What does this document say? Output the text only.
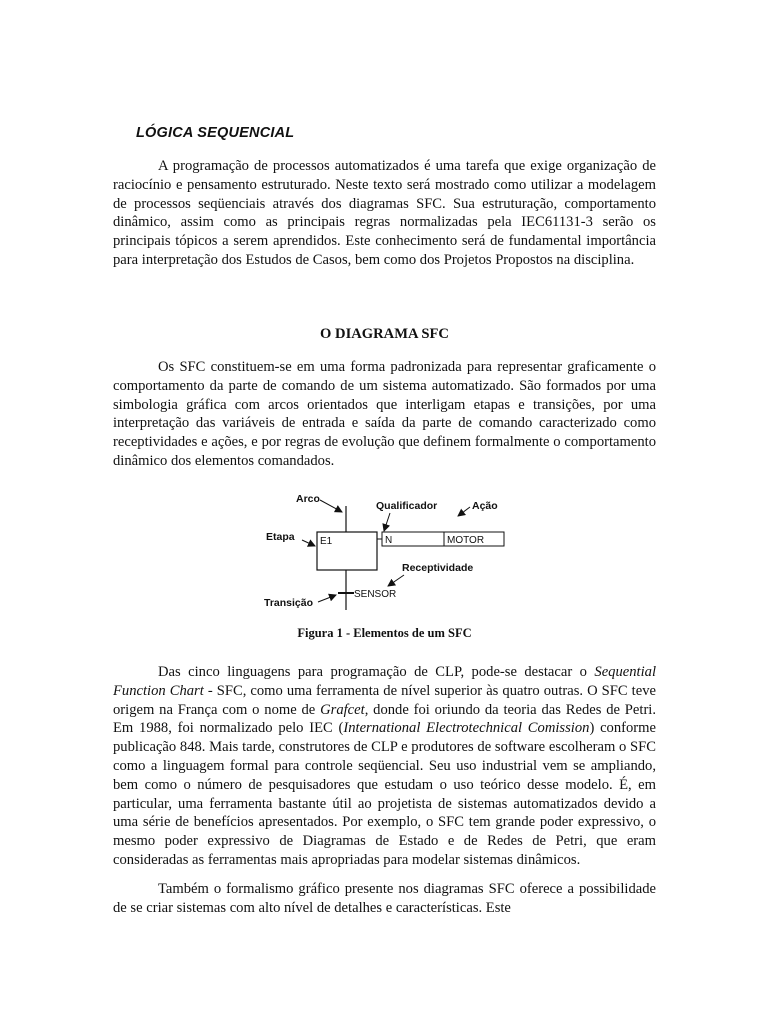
LÓGICA SEQUENCIAL

A programação de processos automatizados é uma tarefa que exige organização de raciocínio e pensamento estruturado. Neste texto será mostrado como utilizar a modelagem de processos seqüenciais através dos diagramas SFC. Sua estruturação, comportamento dinâmico, assim como as principais regras normalizadas pela IEC61131-3 serão os principais tópicos a serem aprendidos. Este conhecimento será de fundamental importância para interpretação dos Estudos de Casos, bem como dos Projetos Propostos na disciplina.

O DIAGRAMA SFC

Os SFC constituem-se em uma forma padronizada para representar graficamente o comportamento da parte de comando de um sistema automatizado. São formados por uma simbologia gráfica com arcos orientados que interligam etapas e transições, por uma interpretação das variáveis de entrada e saída da parte de comando caracterizado como receptividades e ações, e por regras de evolução que definem formalmente o comportamento dinâmico dos elementos comandados.

E1
SENSOR
N	MOTOR
Arco
Qualificador	Ação
Etapa
Receptividade
Transição
Figura 1 - Elementos de um SFC

Das cinco linguagens para programação de CLP, pode-se destacar o Sequential Function Chart - SFC, como uma ferramenta de nível superior às quatro outras. O SFC teve origem na França com o nome de Grafcet, donde foi oriundo da teoria das Redes de Petri. Em 1988, foi normalizado pelo IEC (International Electrotechnical Comission) conforme publicação 848. Mais tarde, construtores de CLP e produtores de software escolheram o SFC como a linguagem formal para controle seqüencial. Seu uso industrial vem se ampliando, bem como o número de pesquisadores que estudam o uso teórico desse modelo. É, em particular, uma ferramenta bastante útil ao projetista de sistemas automatizados devido a uma série de benefícios apresentados. Por exemplo, o SFC tem grande poder expressivo, o mesmo poder expressivo de Diagramas de Estado e de Redes de Petri, que eram consideradas as ferramentas mais apropriadas para modelar sistemas dinâmicos.

Também o formalismo gráfico presente nos diagramas SFC oferece a possibilidade de se criar sistemas com alto nível de detalhes e características. Este
